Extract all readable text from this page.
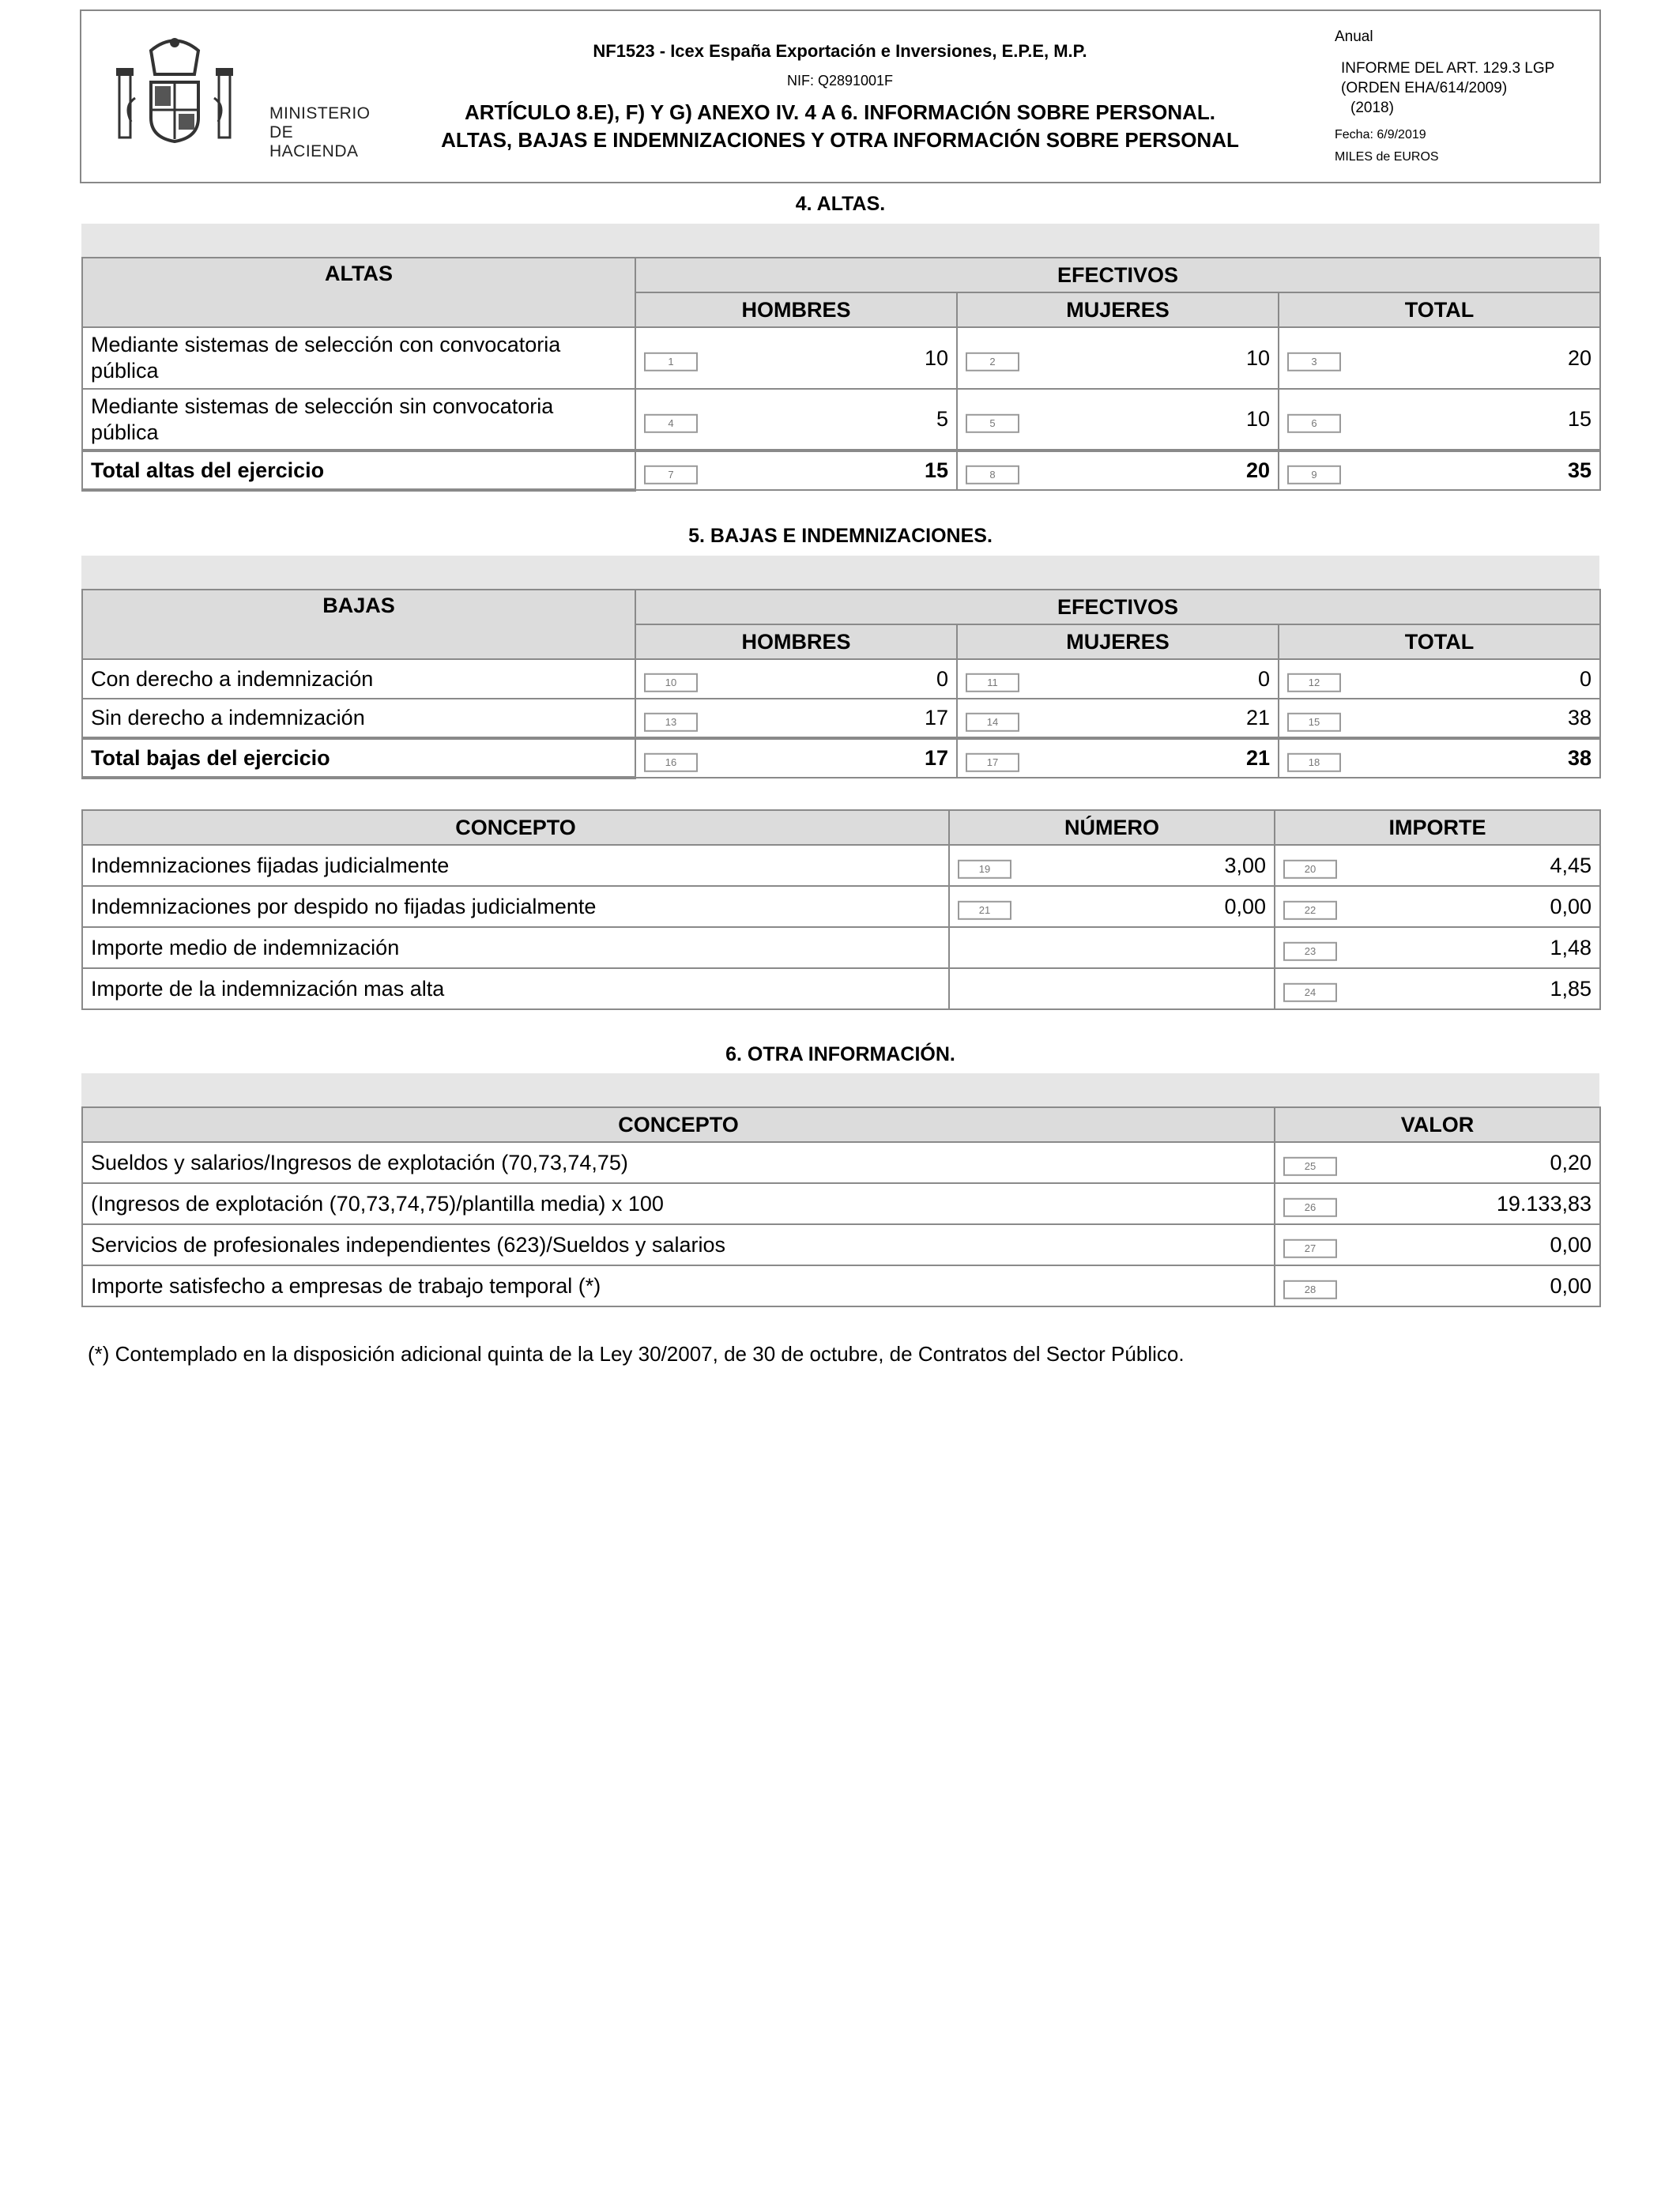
MINISTERIO
DE HACIENDA
NF1523 - Icex España Exportación e Inversiones, E.P.E, M.P.
NIF: Q2891001F
ARTÍCULO 8.E), F) Y G) ANEXO IV. 4 A 6. INFORMACIÓN SOBRE PERSONAL.
ALTAS, BAJAS E INDEMNIZACIONES Y OTRA INFORMACIÓN SOBRE PERSONAL
Anual
INFORME DEL ART. 129.3 LGP
(ORDEN EHA/614/2009)
(2018)
Fecha: 6/9/2019
MILES de EUROS
4. ALTAS.
ALTAS	EFECTIVOS		
	HOMBRES	MUJERES	TOTAL
Mediante sistemas de selección con convocatoria pública	1 10	2 10	3 20

Mediante sistemas de selección sin convocatoria pública	4 5	5 10	6 15

Total altas del ejercicio	7 15	8 20	9 35
5. BAJAS E INDEMNIZACIONES.
BAJAS	EFECTIVOS		
	HOMBRES	MUJERES	TOTAL
Con derecho a indemnización	10 0	11 0	12 0

Sin derecho a indemnización	13 17	14 21	15 38

Total bajas del ejercicio	16 17	17 21	18 38
CONCEPTO	NÚMERO	IMPORTE
Indemnizaciones fijadas judicialmente	19 3,00	20 4,45

Indemnizaciones por despido no fijadas judicialmente	21 0,00	22 0,00

Importe medio de indemnización		23 1,48

Importe de la indemnización mas alta		24 1,85
6. OTRA INFORMACIÓN.
CONCEPTO	VALOR
Sueldos y salarios/Ingresos de explotación (70,73,74,75)	25 0,20

(Ingresos de explotación (70,73,74,75)/plantilla media) x 100	26 19.133,83

Servicios de profesionales independientes (623)/Sueldos y salarios	27 0,00

Importe satisfecho a empresas de trabajo temporal (*)	28 0,00
(*) Contemplado en la disposición adicional quinta de la Ley 30/2007, de 30 de octubre, de Contratos del Sector Público.
